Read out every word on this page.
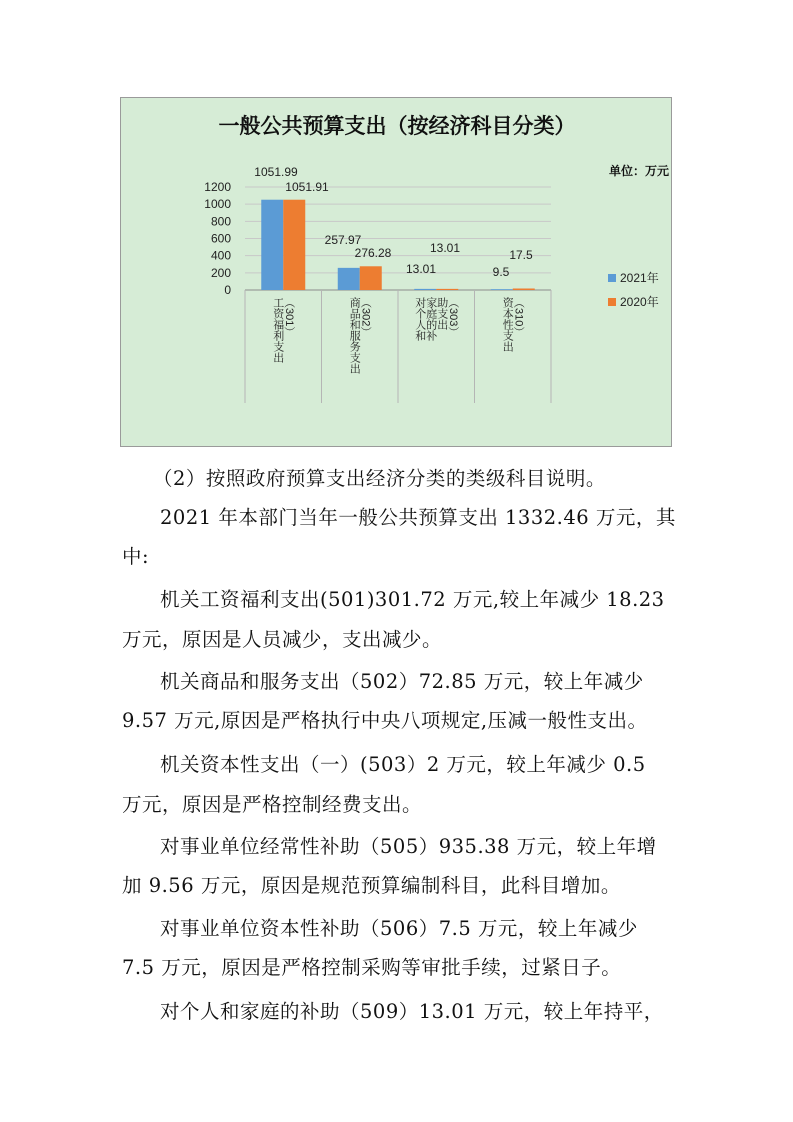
一般公共预算支出（按经济科目分类）
单位：万元
0
200
400
600
800
1000
1200
工资福利支出 （301）	商品和服务支出 （302）	对个人和 家庭的补 助支出 （303）	资本性支出 （310）
1051.99
1051.91
257.97
276.28
13.01
13.01
9.5
17.5
2021年
2020年

（2）按照政府预算支出经济分类的类级科目说明。

2021 年本部门当年一般公共预算支出 1332.46 万元，其

中:

机关工资福利支出(501)301.72 万元,较上年减少 18.23

万元，原因是人员减少，支出减少。

机关商品和服务支出（502）72.85 万元，较上年减少

9.57 万元,原因是严格执行中央八项规定,压减一般性支出。

机关资本性支出（一）(503）2 万元，较上年减少 0.5

万元，原因是严格控制经费支出。

对事业单位经常性补助（505）935.38 万元，较上年增

加 9.56 万元，原因是规范预算编制科目，此科目增加。

对事业单位资本性补助（506）7.5 万元，较上年减少

7.5 万元，原因是严格控制采购等审批手续，过紧日子。

对个人和家庭的补助（509）13.01 万元，较上年持平，
